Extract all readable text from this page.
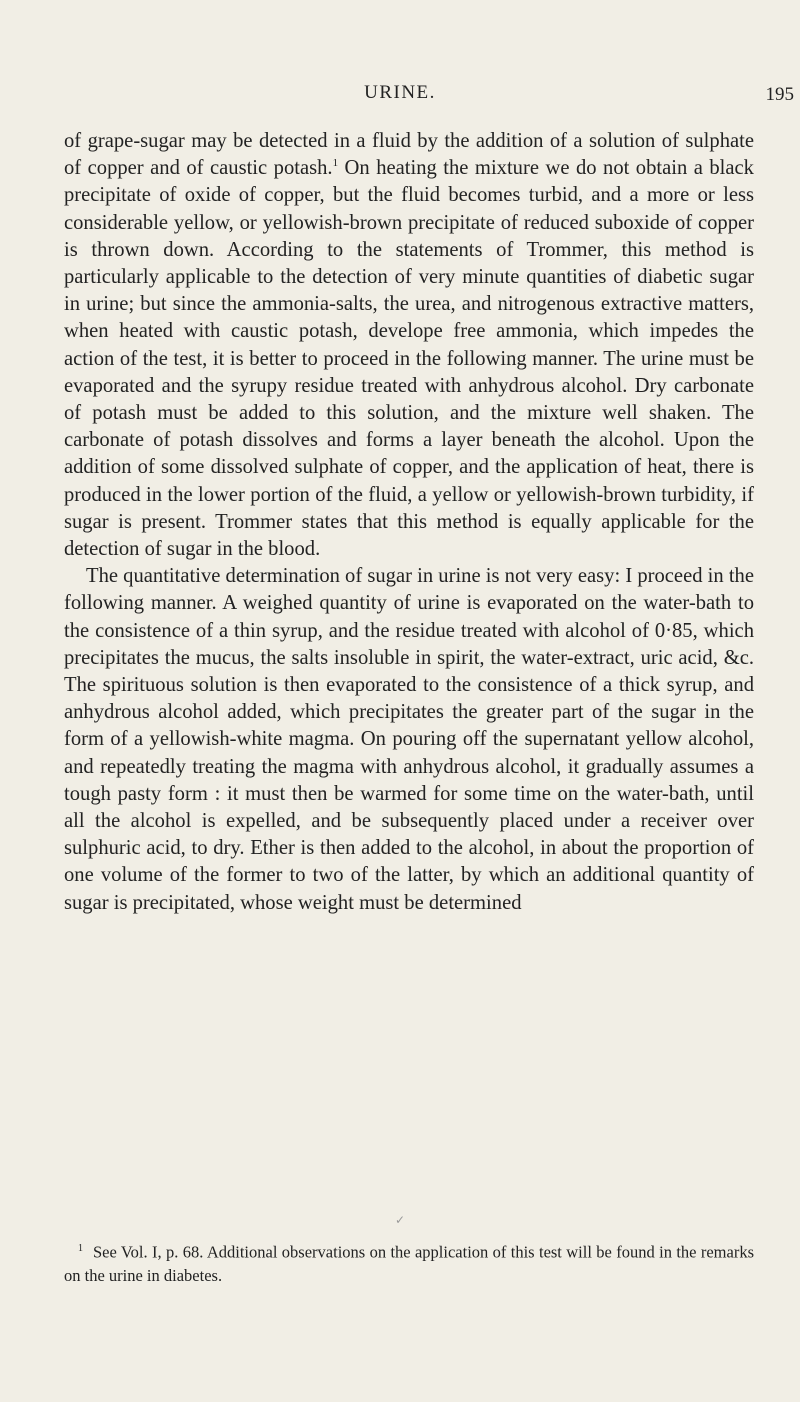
URINE.	195

of grape-sugar may be detected in a fluid by the addition of a solution of sulphate of copper and of caustic potash.$^1$ On heating the mixture we do not obtain a black precipitate of oxide of copper, but the fluid becomes turbid, and a more or less considerable yellow, or yellowish-brown precipitate of reduced suboxide of copper is thrown down. According to the statements of Trommer, this method is particularly applicable to the detection of very minute quantities of diabetic sugar in urine; but since the ammonia-salts, the urea, and nitrogenous extractive matters, when heated with caustic potash, develope free ammonia, which impedes the action of the test, it is better to proceed in the following manner. The urine must be evaporated and the syrupy residue treated with anhydrous alcohol. Dry carbonate of potash must be added to this solution, and the mixture well shaken. The carbonate of potash dissolves and forms a layer beneath the alcohol. Upon the addition of some dissolved sulphate of copper, and the application of heat, there is produced in the lower portion of the fluid, a yellow or yellowish-brown turbidity, if sugar is present. Trommer states that this method is equally applicable for the detection of sugar in the blood.

The quantitative determination of sugar in urine is not very easy: I proceed in the following manner. A weighed quantity of urine is evaporated on the water-bath to the consistence of a thin syrup, and the residue treated with alcohol of 0·85, which precipitates the mucus, the salts insoluble in spirit, the water-extract, uric acid, &c. The spirituous solution is then evaporated to the consistence of a thick syrup, and anhydrous alcohol added, which precipitates the greater part of the sugar in the form of a yellowish-white magma. On pouring off the supernatant yellow alcohol, and repeatedly treating the magma with anhydrous alcohol, it gradually assumes a tough pasty form : it must then be warmed for some time on the water-bath, until all the alcohol is expelled, and be subsequently placed under a receiver over sulphuric acid, to dry. Ether is then added to the alcohol, in about the proportion of one volume of the former to two of the latter, by which an additional quantity of sugar is precipitated, whose weight must be determined

✓
$^1$ See Vol. I, p. 68. Additional observations on the application of this test will be found in the remarks on the urine in diabetes.
